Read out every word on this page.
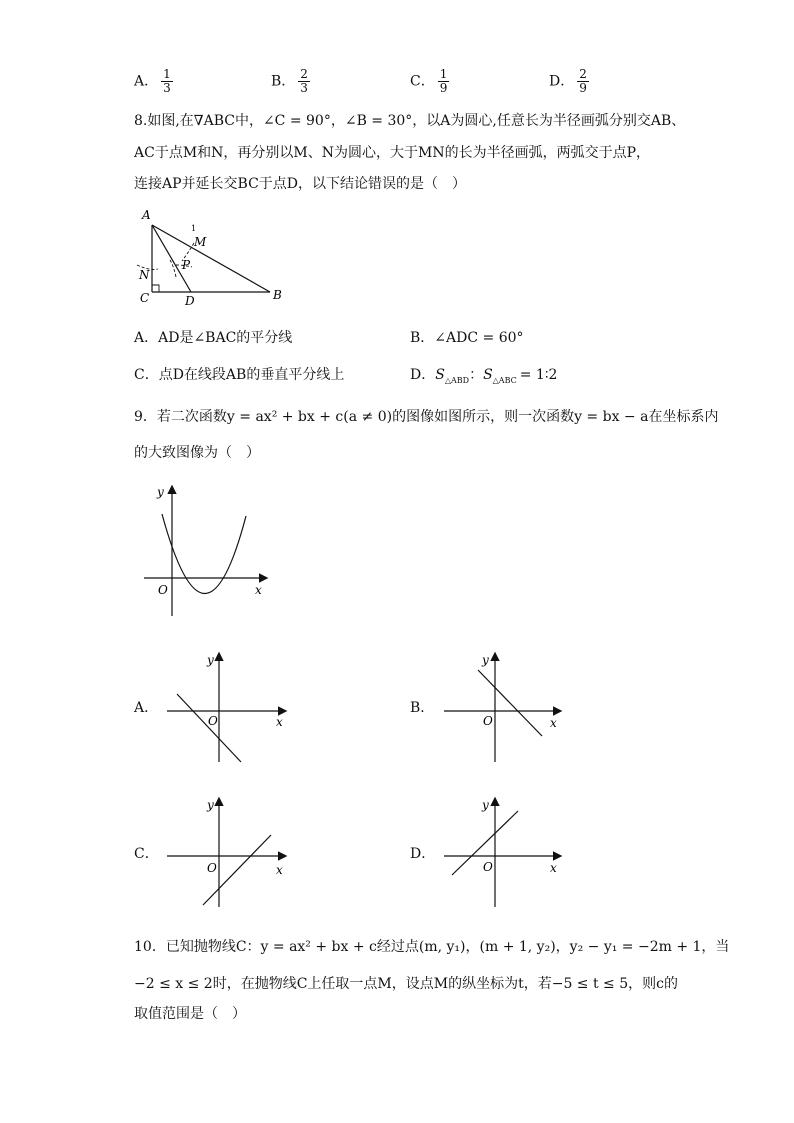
A． $\frac{1}{3}$	B． $\frac{2}{3}$	C． $\frac{1}{9}$	D． $\frac{2}{9}$
8.如图,在∇ABC中，∠C = 90°，∠B = 30°，以A为圆心,任意长为半径画弧分别交AB、
AC于点M和N，再分别以M、N为圆心，大于MN的长为半径画弧，两弧交于点P，
连接AP并延长交BC于点D，以下结论错误的是（　）
A
B
C	D
M
N
P
1
A．AD是∠BAC的平分线	B．∠ADC = 60°
C．点D在线段AB的垂直平分线上	D．$S_{\triangle ABD}$：$S_{\triangle ABC}$ = 1∶2
9．若二次函数y = ax² + bx + c(a ≠ 0)的图像如图所示，则一次函数y = bx − a在坐标系内
的大致图像为（　）
y
x
O
A．
y
x
O
B．
y
x
O
C．
y
x
O
D．
y
x
O
10．已知抛物线C：y = ax² + bx + c经过点(m, y₁)，(m + 1, y₂)，y₂ − y₁ = −2m + 1，当
−2 ≤ x ≤ 2时，在抛物线C上任取一点M，设点M的纵坐标为t，若−5 ≤ t ≤ 5，则c的
取值范围是（　）
